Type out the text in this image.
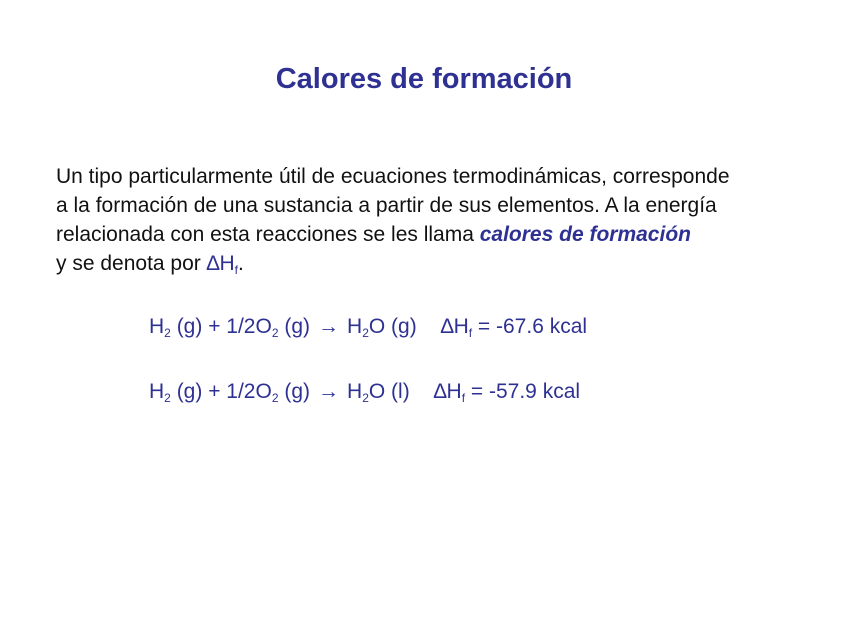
Calores de formación
Un tipo particularmente útil de ecuaciones termodinámicas, corresponde
a la formación de una sustancia a partir de sus elementos. A la energía
relacionada con esta reacciones se les llama calores de formación
y se denota por $\Delta H_f$.
$H_2$ $(g) + 1/2O_2$ $(g) \to H_2O$ (g) $\Delta H_f = -67.6$ kcal
$H_2$ $(g) + 1/2O_2$ $(g) \to H_2O$ (l) $\Delta H_f = -57.9$ kcal
